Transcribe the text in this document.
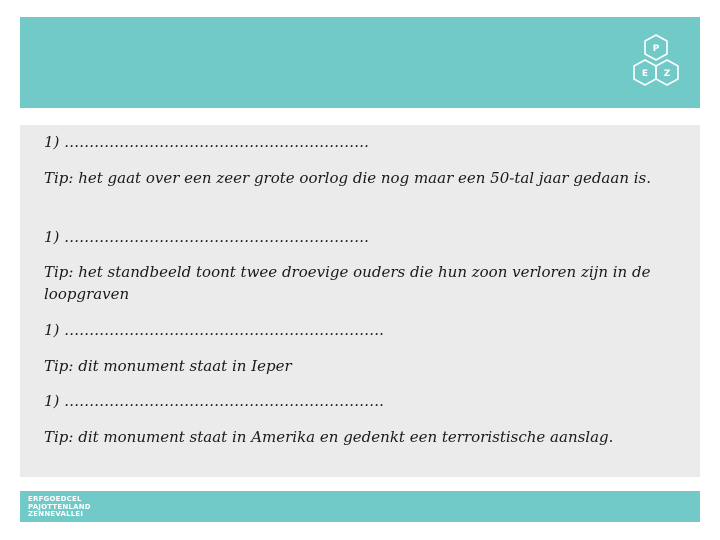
P
E Z
1) …………………………………………………….
Tip: het gaat over een zeer grote oorlog die nog maar een 50-tal jaar gedaan is.
1) …………………………………………………….
Tip: het standbeeld toont twee droevige ouders die hun zoon verloren zijn in de loopgraven
1) ……………………………………………………….
Tip: dit monument staat in Ieper
1) ……………………………………………………….
Tip: dit monument staat in Amerika en gedenkt een terroristische aanslag.
ERFGOEDCEL
PAJOTTENLAND
ZENNEVALLEI
